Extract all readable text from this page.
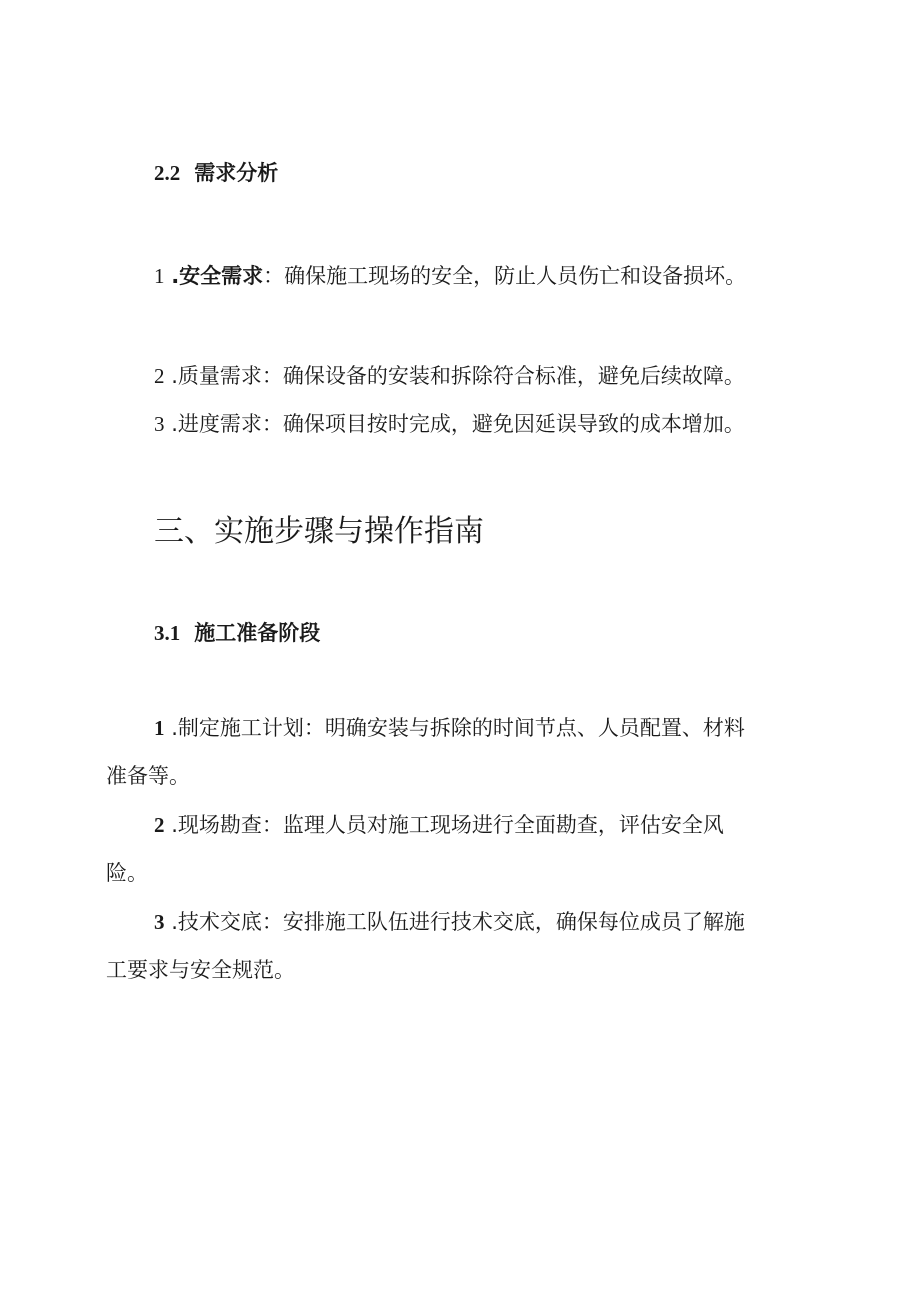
2.2 需求分析
1 .安全需求：确保施工现场的安全，防止人员伤亡和设备损坏。
2 .质量需求：确保设备的安装和拆除符合标准，避免后续故障。
3 .进度需求：确保项目按时完成，避免因延误导致的成本增加。
三、实施步骤与操作指南
3.1 施工准备阶段
1 .制定施工计划：明确安装与拆除的时间节点、人员配置、材料
准备等。
2 .现场勘查：监理人员对施工现场进行全面勘查，评估安全风
险。
3 .技术交底：安排施工队伍进行技术交底，确保每位成员了解施
工要求与安全规范。
